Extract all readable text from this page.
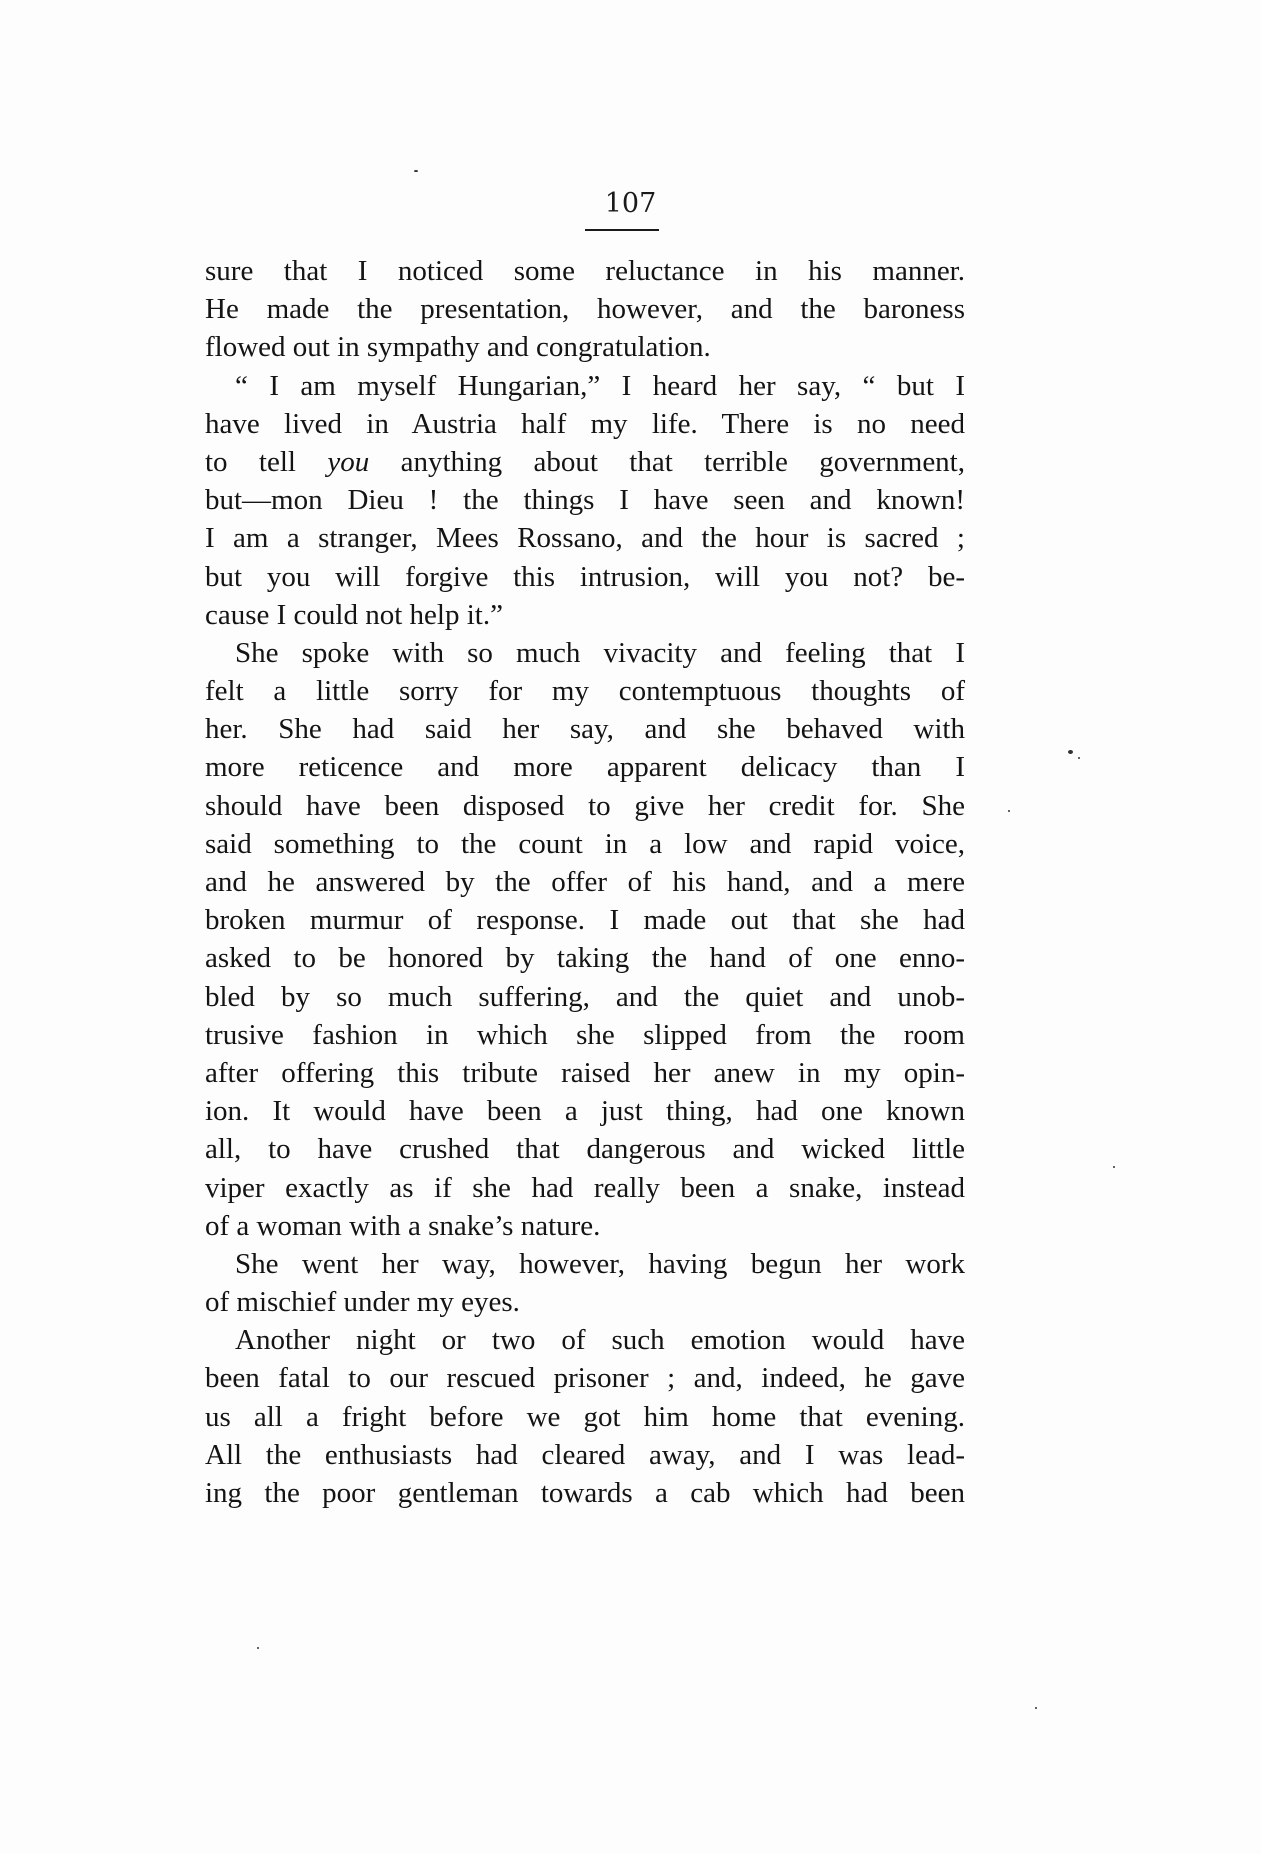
107
sure that I noticed some reluctance in his manner.
He made the presentation, however, and the baroness
flowed out in sympathy and congratulation.
“ I am myself Hungarian,” I heard her say, “ but I
have lived in Austria half my life. There is no need
to tell you anything about that terrible government,
but—mon Dieu ! the things I have seen and known!
I am a stranger, Mees Rossano, and the hour is sacred ;
but you will forgive this intrusion, will you not? be-
cause I could not help it.”
She spoke with so much vivacity and feeling that I
felt a little sorry for my contemptuous thoughts of
her. She had said her say, and she behaved with
more reticence and more apparent delicacy than I
should have been disposed to give her credit for. She
said something to the count in a low and rapid voice,
and he answered by the offer of his hand, and a mere
broken murmur of response. I made out that she had
asked to be honored by taking the hand of one enno-
bled by so much suffering, and the quiet and unob-
trusive fashion in which she slipped from the room
after offering this tribute raised her anew in my opin-
ion. It would have been a just thing, had one known
all, to have crushed that dangerous and wicked little
viper exactly as if she had really been a snake, instead
of a woman with a snake’s nature.
She went her way, however, having begun her work
of mischief under my eyes.
Another night or two of such emotion would have
been fatal to our rescued prisoner ; and, indeed, he gave
us all a fright before we got him home that evening.
All the enthusiasts had cleared away, and I was lead-
ing the poor gentleman towards a cab which had been
